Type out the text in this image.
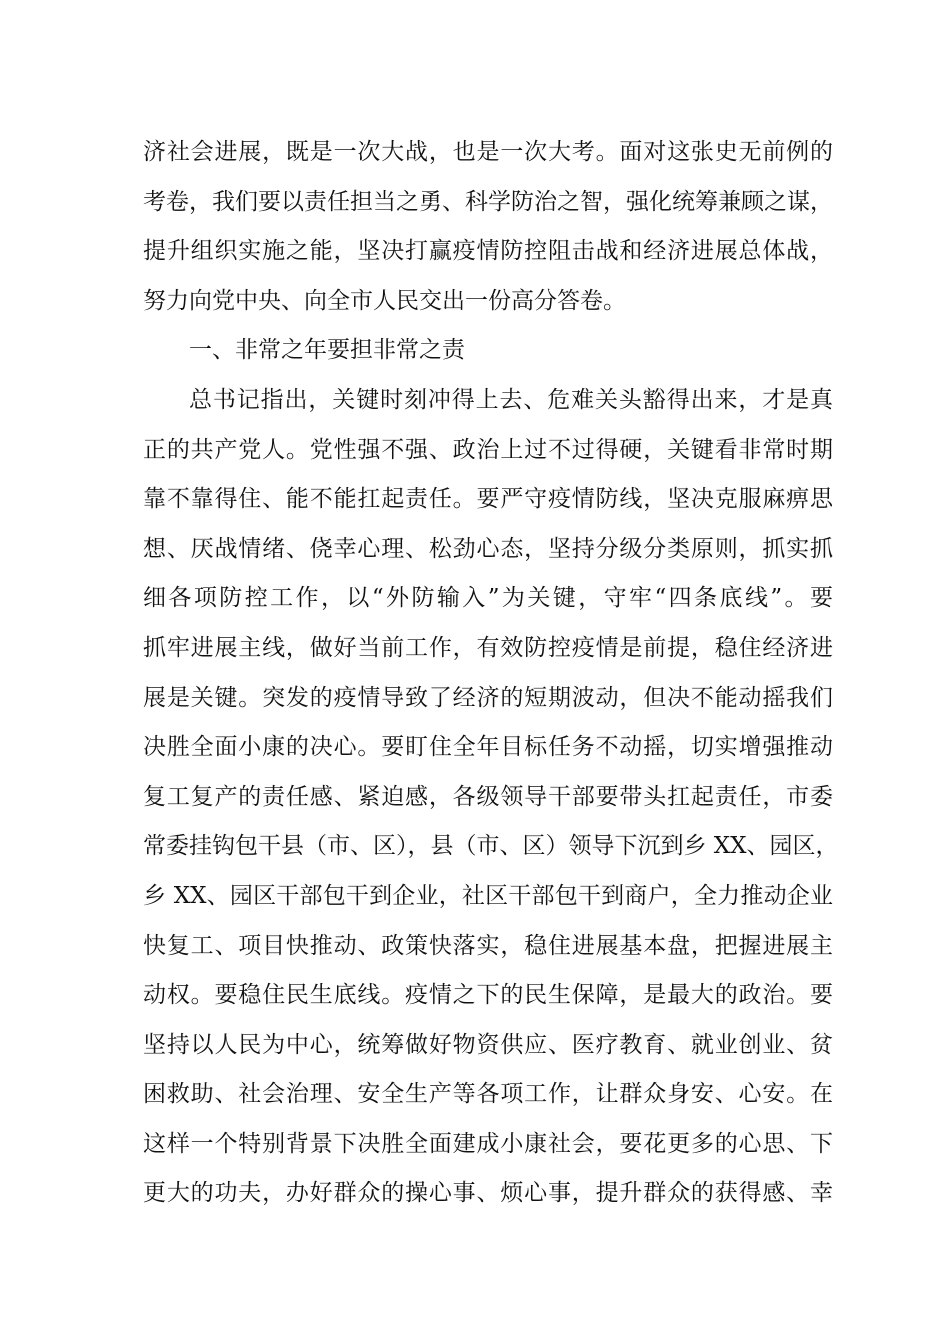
济社会进展，既是一次大战，也是一次大考。面对这张史无前例的
考卷，我们要以责任担当之勇、科学防治之智，强化统筹兼顾之谋，
提升组织实施之能，坚决打赢疫情防控阻击战和经济进展总体战，
努力向党中央、向全市人民交出一份高分答卷。
一、非常之年要担非常之责
总书记指出，关键时刻冲得上去、危难关头豁得出来，才是真
正的共产党人。党性强不强、政治上过不过得硬，关键看非常时期
靠不靠得住、能不能扛起责任。要严守疫情防线，坚决克服麻痹思
想、厌战情绪、侥幸心理、松劲心态，坚持分级分类原则，抓实抓
细各项防控工作，以“外防输入”为关键，守牢“四条底线”。要
抓牢进展主线，做好当前工作，有效防控疫情是前提，稳住经济进
展是关键。突发的疫情导致了经济的短期波动，但决不能动摇我们
决胜全面小康的决心。要盯住全年目标任务不动摇，切实增强推动
复工复产的责任感、紧迫感，各级领导干部要带头扛起责任，市委
常委挂钩包干县（市、区），县（市、区）领导下沉到乡 XX、园区，
乡 XX、园区干部包干到企业，社区干部包干到商户，全力推动企业
快复工、项目快推动、政策快落实，稳住进展基本盘，把握进展主
动权。要稳住民生底线。疫情之下的民生保障，是最大的政治。要
坚持以人民为中心，统筹做好物资供应、医疗教育、就业创业、贫
困救助、社会治理、安全生产等各项工作，让群众身安、心安。在
这样一个特别背景下决胜全面建成小康社会，要花更多的心思、下
更大的功夫，办好群众的操心事、烦心事，提升群众的获得感、幸
